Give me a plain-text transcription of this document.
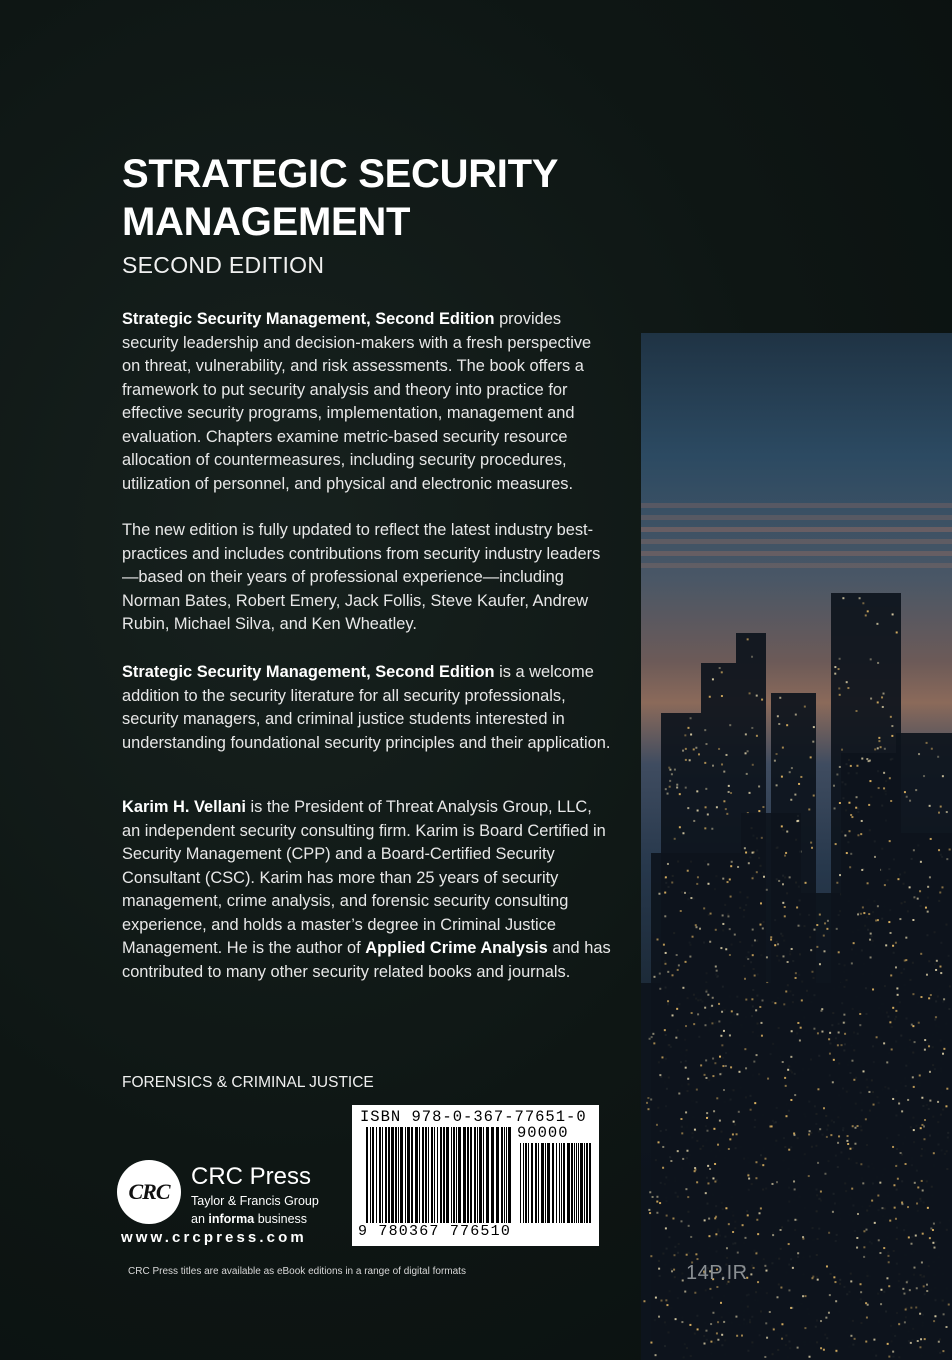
STRATEGIC SECURITY MANAGEMENT

SECOND EDITION

Strategic Security Management, Second Edition provides security leadership and decision-makers with a fresh perspective on threat, vulnerability, and risk assessments. The book offers a framework to put security analysis and theory into practice for effective security programs, implementation, management and evaluation. Chapters examine metric-based security resource allocation of countermeasures, including security procedures, utilization of personnel, and physical and electronic measures.

The new edition is fully updated to reflect the latest industry best-practices and includes contributions from security industry leaders—based on their years of professional experience—including Norman Bates, Robert Emery, Jack Follis, Steve Kaufer, Andrew Rubin, Michael Silva, and Ken Wheatley.

Strategic Security Management, Second Edition is a welcome addition to the security literature for all security professionals, security managers, and criminal justice students interested in understanding foundational security principles and their application.

Karim H. Vellani is the President of Threat Analysis Group, LLC, an independent security consulting firm. Karim is Board Certified in Security Management (CPP) and a Board-Certified Security Consultant (CSC). Karim has more than 25 years of security management, crime analysis, and forensic security consulting experience, and holds a master’s degree in Criminal Justice Management. He is the author of Applied Crime Analysis and has contributed to many other security related books and journals.

FORENSICS & CRIMINAL JUSTICE
ISBN 978-0-367-77651-0
90000
9 780367 776510
CRC
CRC Press
Taylor & Francis Group
an informa business
www.crcpress.com
CRC Press titles are available as eBook editions in a range of digital formats	14P.IR
